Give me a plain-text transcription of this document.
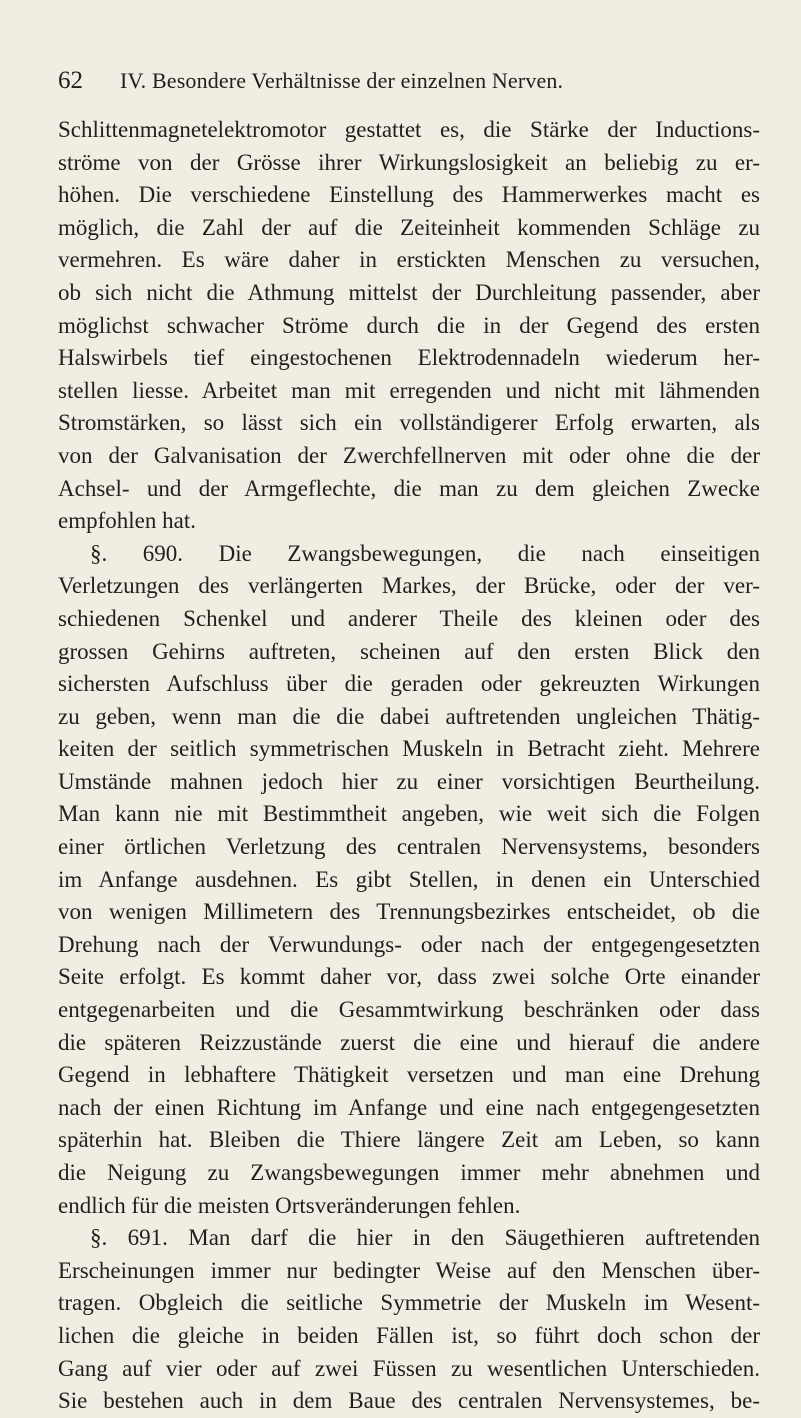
62 IV. Besondere Verhältnisse der einzelnen Nerven.
Schlittenmagnetelektromotor gestattet es, die Stärke der Inductions-
ströme von der Grösse ihrer Wirkungslosigkeit an beliebig zu er-
höhen. Die verschiedene Einstellung des Hammerwerkes macht es
möglich, die Zahl der auf die Zeiteinheit kommenden Schläge zu
vermehren. Es wäre daher in erstickten Menschen zu versuchen,
ob sich nicht die Athmung mittelst der Durchleitung passender, aber
möglichst schwacher Ströme durch die in der Gegend des ersten
Halswirbels tief eingestochenen Elektrodennadeln wiederum her-
stellen liesse. Arbeitet man mit erregenden und nicht mit lähmenden
Stromstärken, so lässt sich ein vollständigerer Erfolg erwarten, als
von der Galvanisation der Zwerchfellnerven mit oder ohne die der
Achsel- und der Armgeflechte, die man zu dem gleichen Zwecke
empfohlen hat.
§. 690. Die Zwangsbewegungen, die nach einseitigen
Verletzungen des verlängerten Markes, der Brücke, oder der ver-
schiedenen Schenkel und anderer Theile des kleinen oder des
grossen Gehirns auftreten, scheinen auf den ersten Blick den
sichersten Aufschluss über die geraden oder gekreuzten Wirkungen
zu geben, wenn man die die dabei auftretenden ungleichen Thätig-
keiten der seitlich symmetrischen Muskeln in Betracht zieht. Mehrere
Umstände mahnen jedoch hier zu einer vorsichtigen Beurtheilung.
Man kann nie mit Bestimmtheit angeben, wie weit sich die Folgen
einer örtlichen Verletzung des centralen Nervensystems, besonders
im Anfange ausdehnen. Es gibt Stellen, in denen ein Unterschied
von wenigen Millimetern des Trennungsbezirkes entscheidet, ob die
Drehung nach der Verwundungs- oder nach der entgegengesetzten
Seite erfolgt. Es kommt daher vor, dass zwei solche Orte einander
entgegenarbeiten und die Gesammtwirkung beschränken oder dass
die späteren Reizzustände zuerst die eine und hierauf die andere
Gegend in lebhaftere Thätigkeit versetzen und man eine Drehung
nach der einen Richtung im Anfange und eine nach entgegengesetzten
späterhin hat. Bleiben die Thiere längere Zeit am Leben, so kann
die Neigung zu Zwangsbewegungen immer mehr abnehmen und
endlich für die meisten Ortsveränderungen fehlen.
§. 691. Man darf die hier in den Säugethieren auftretenden
Erscheinungen immer nur bedingter Weise auf den Menschen über-
tragen. Obgleich die seitliche Symmetrie der Muskeln im Wesent-
lichen die gleiche in beiden Fällen ist, so führt doch schon der
Gang auf vier oder auf zwei Füssen zu wesentlichen Unterschieden.
Sie bestehen auch in dem Baue des centralen Nervensystemes, be-
